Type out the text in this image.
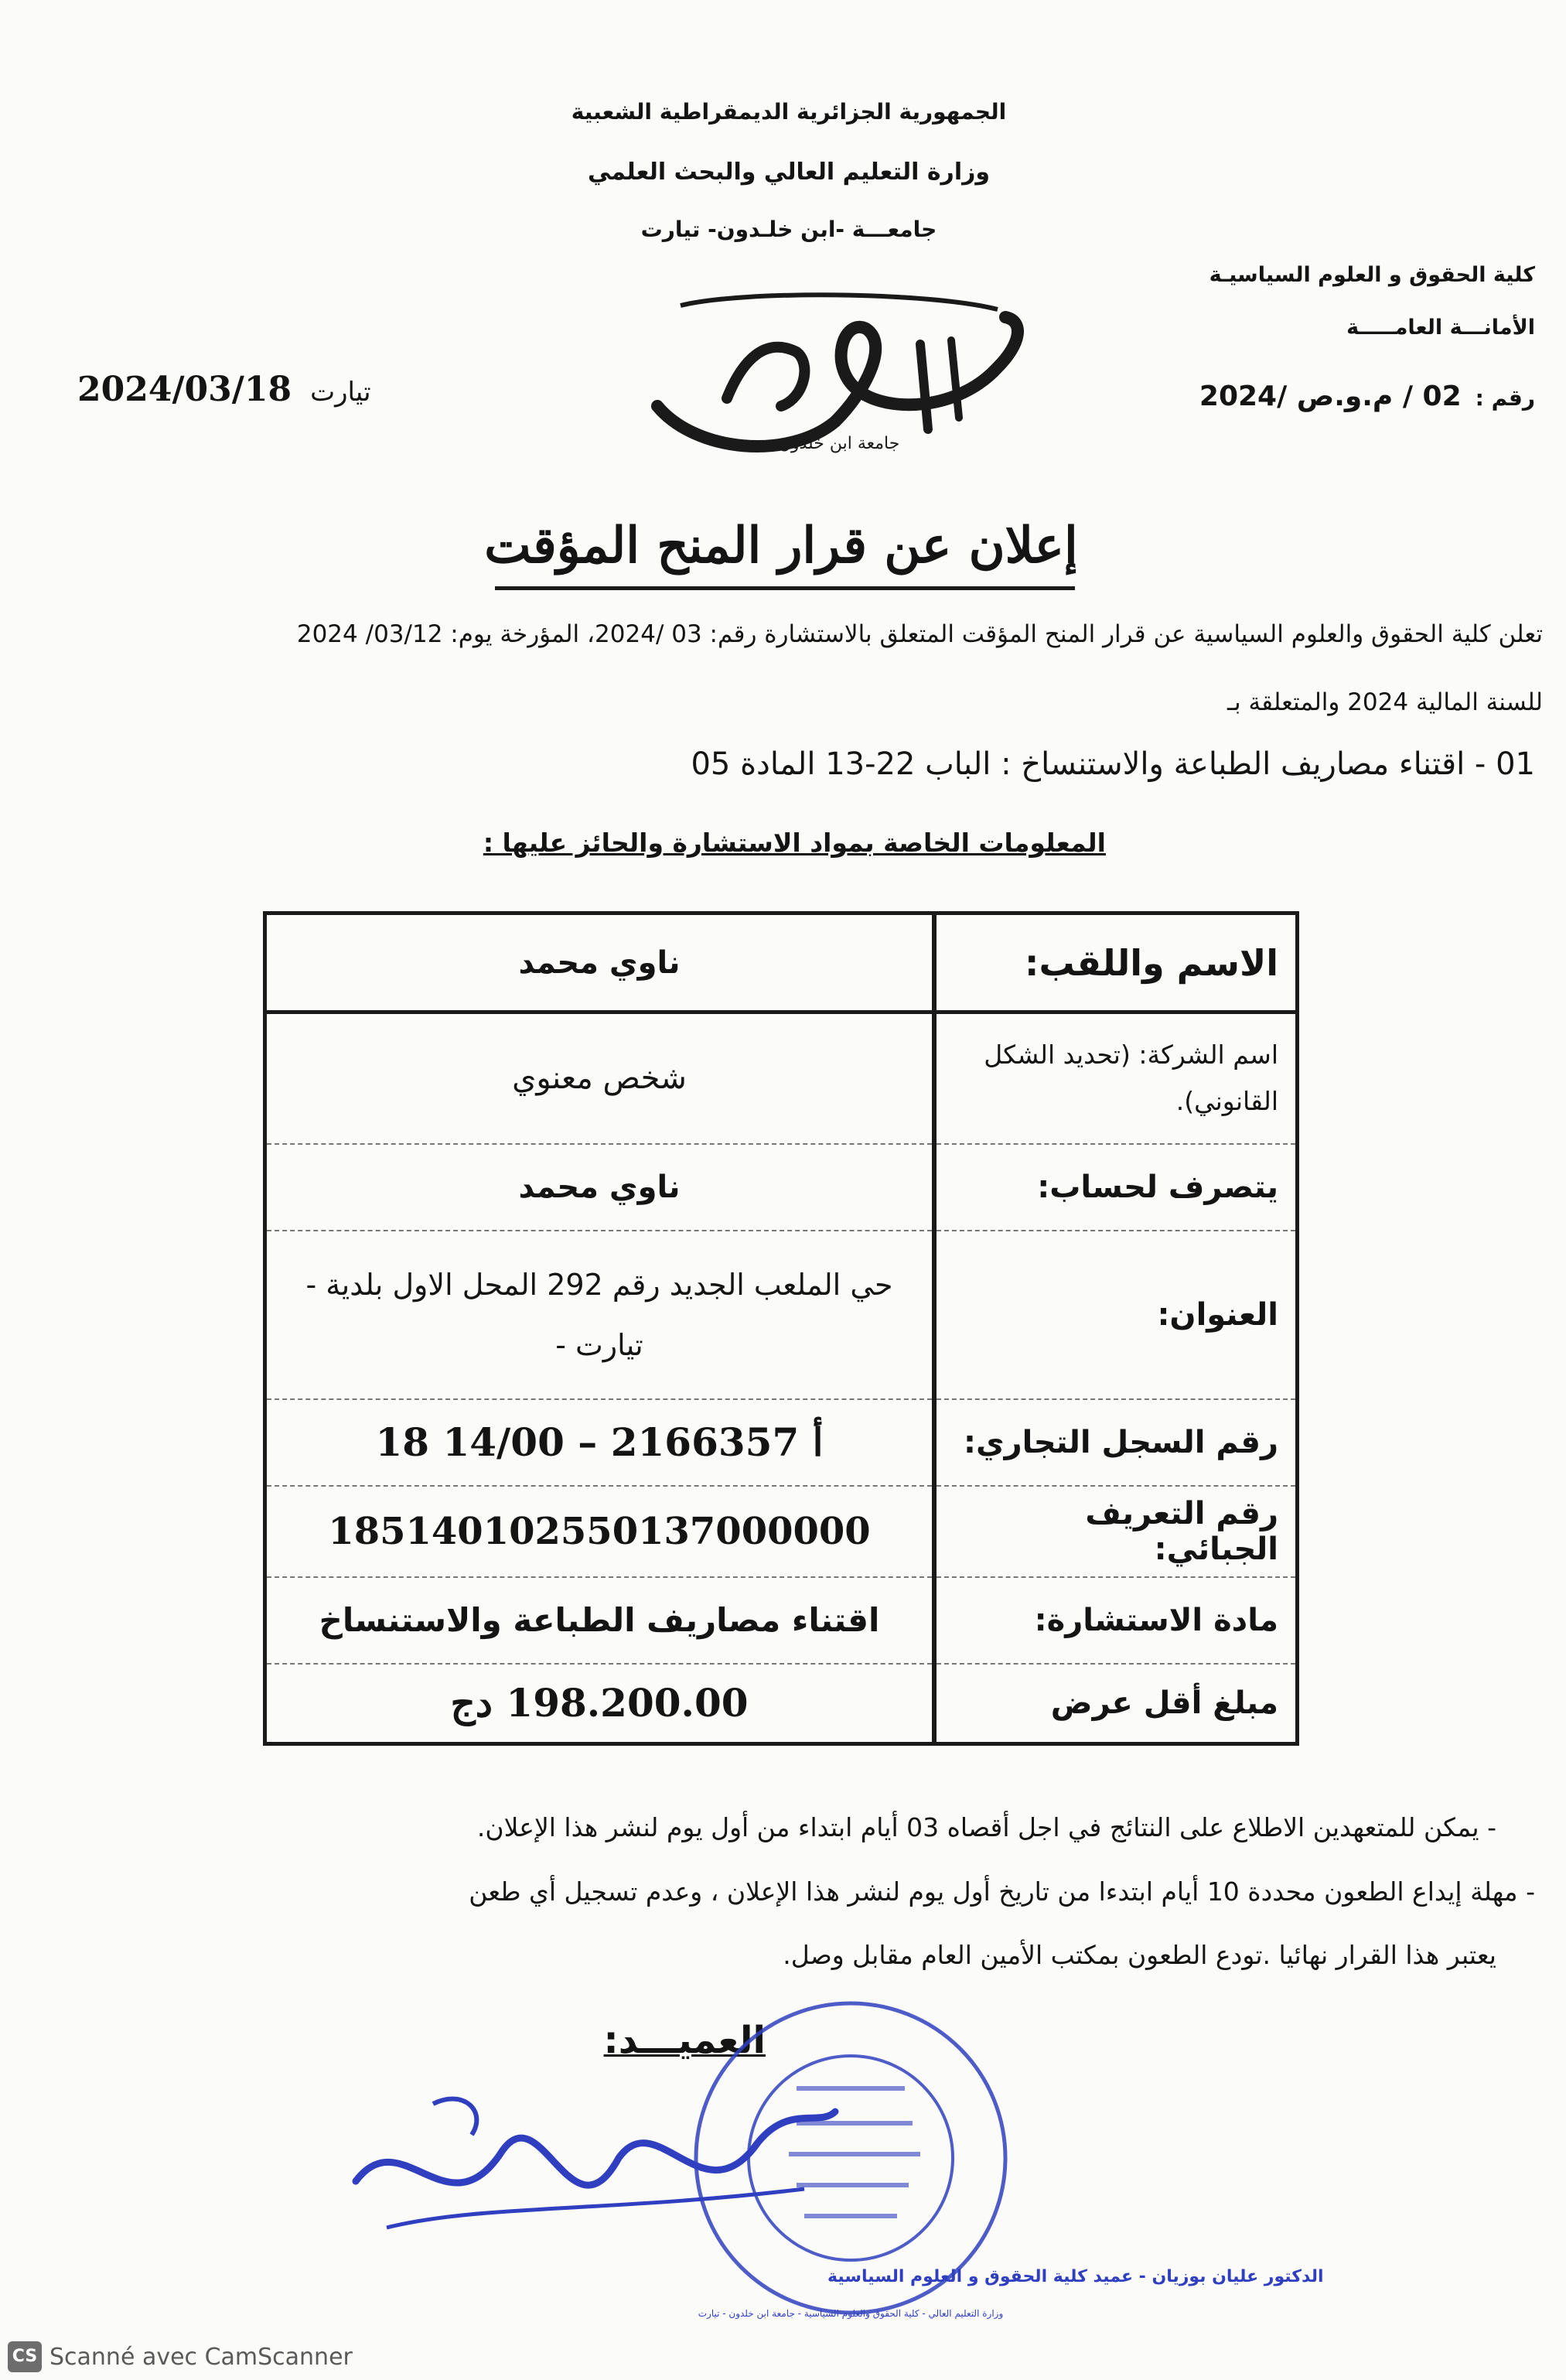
الجمهورية الجزائرية الديمقراطية الشعبية
وزارة التعليم العالي والبحث العلمي
جامعـــة -ابن خلـدون- تيارت
كلية الحقوق و العلوم السياسيـة
الأمانـــة العامـــــة
رقم :
02 / م.و.ص /2024
جامعة ابن خلدون
2024/03/18 تيارت
إعلان عن قرار المنح المؤقت
تعلن كلية الحقوق والعلوم السياسية عن قرار المنح المؤقت المتعلق بالاستشارة رقم: 03 /2024، المؤرخة يوم: 03/12/ 2024
للسنة المالية 2024 والمتعلقة بـ
01 - اقتناء مصاريف الطباعة والاستنساخ : الباب 22-13 المادة 05
المعلومات الخاصة بمواد الاستشارة والحائز عليها :
الاسم واللقب:	ناوي محمد
اسم الشركة: (تحديد الشكل القانوني).	شخص معنوي
يتصرف لحساب:	ناوي محمد
العنوان:	حي الملعب الجديد رقم 292 المحل الاول بلدية - تيارت -
رقم السجل التجاري:	18 أ 2166357 – 14/00
رقم التعريف الجبائي:	185140102550137000000
مادة الاستشارة:	اقتناء مصاريف الطباعة والاستنساخ
مبلغ أقل عرض	198.200.00 دج
- يمكن للمتعهدين الاطلاع على النتائج في اجل أقصاه 03 أيام ابتداء من أول يوم لنشر هذا الإعلان.
- مهلة إيداع الطعون محددة 10 أيام ابتدءا من تاريخ أول يوم لنشر هذا الإعلان ، وعدم تسجيل أي طعن
يعتبر هذا القرار نهائيا .تودع الطعون بمكتب الأمين العام مقابل وصل.
العميـــد:
وزارة التعليم العالي - كلية الحقوق والعلوم السياسية - جامعة ابن خلدون - تيارت
الدكتور عليان بوزيان - عميد كلية الحقوق و العلوم السياسية
CS Scanné avec CamScanner
